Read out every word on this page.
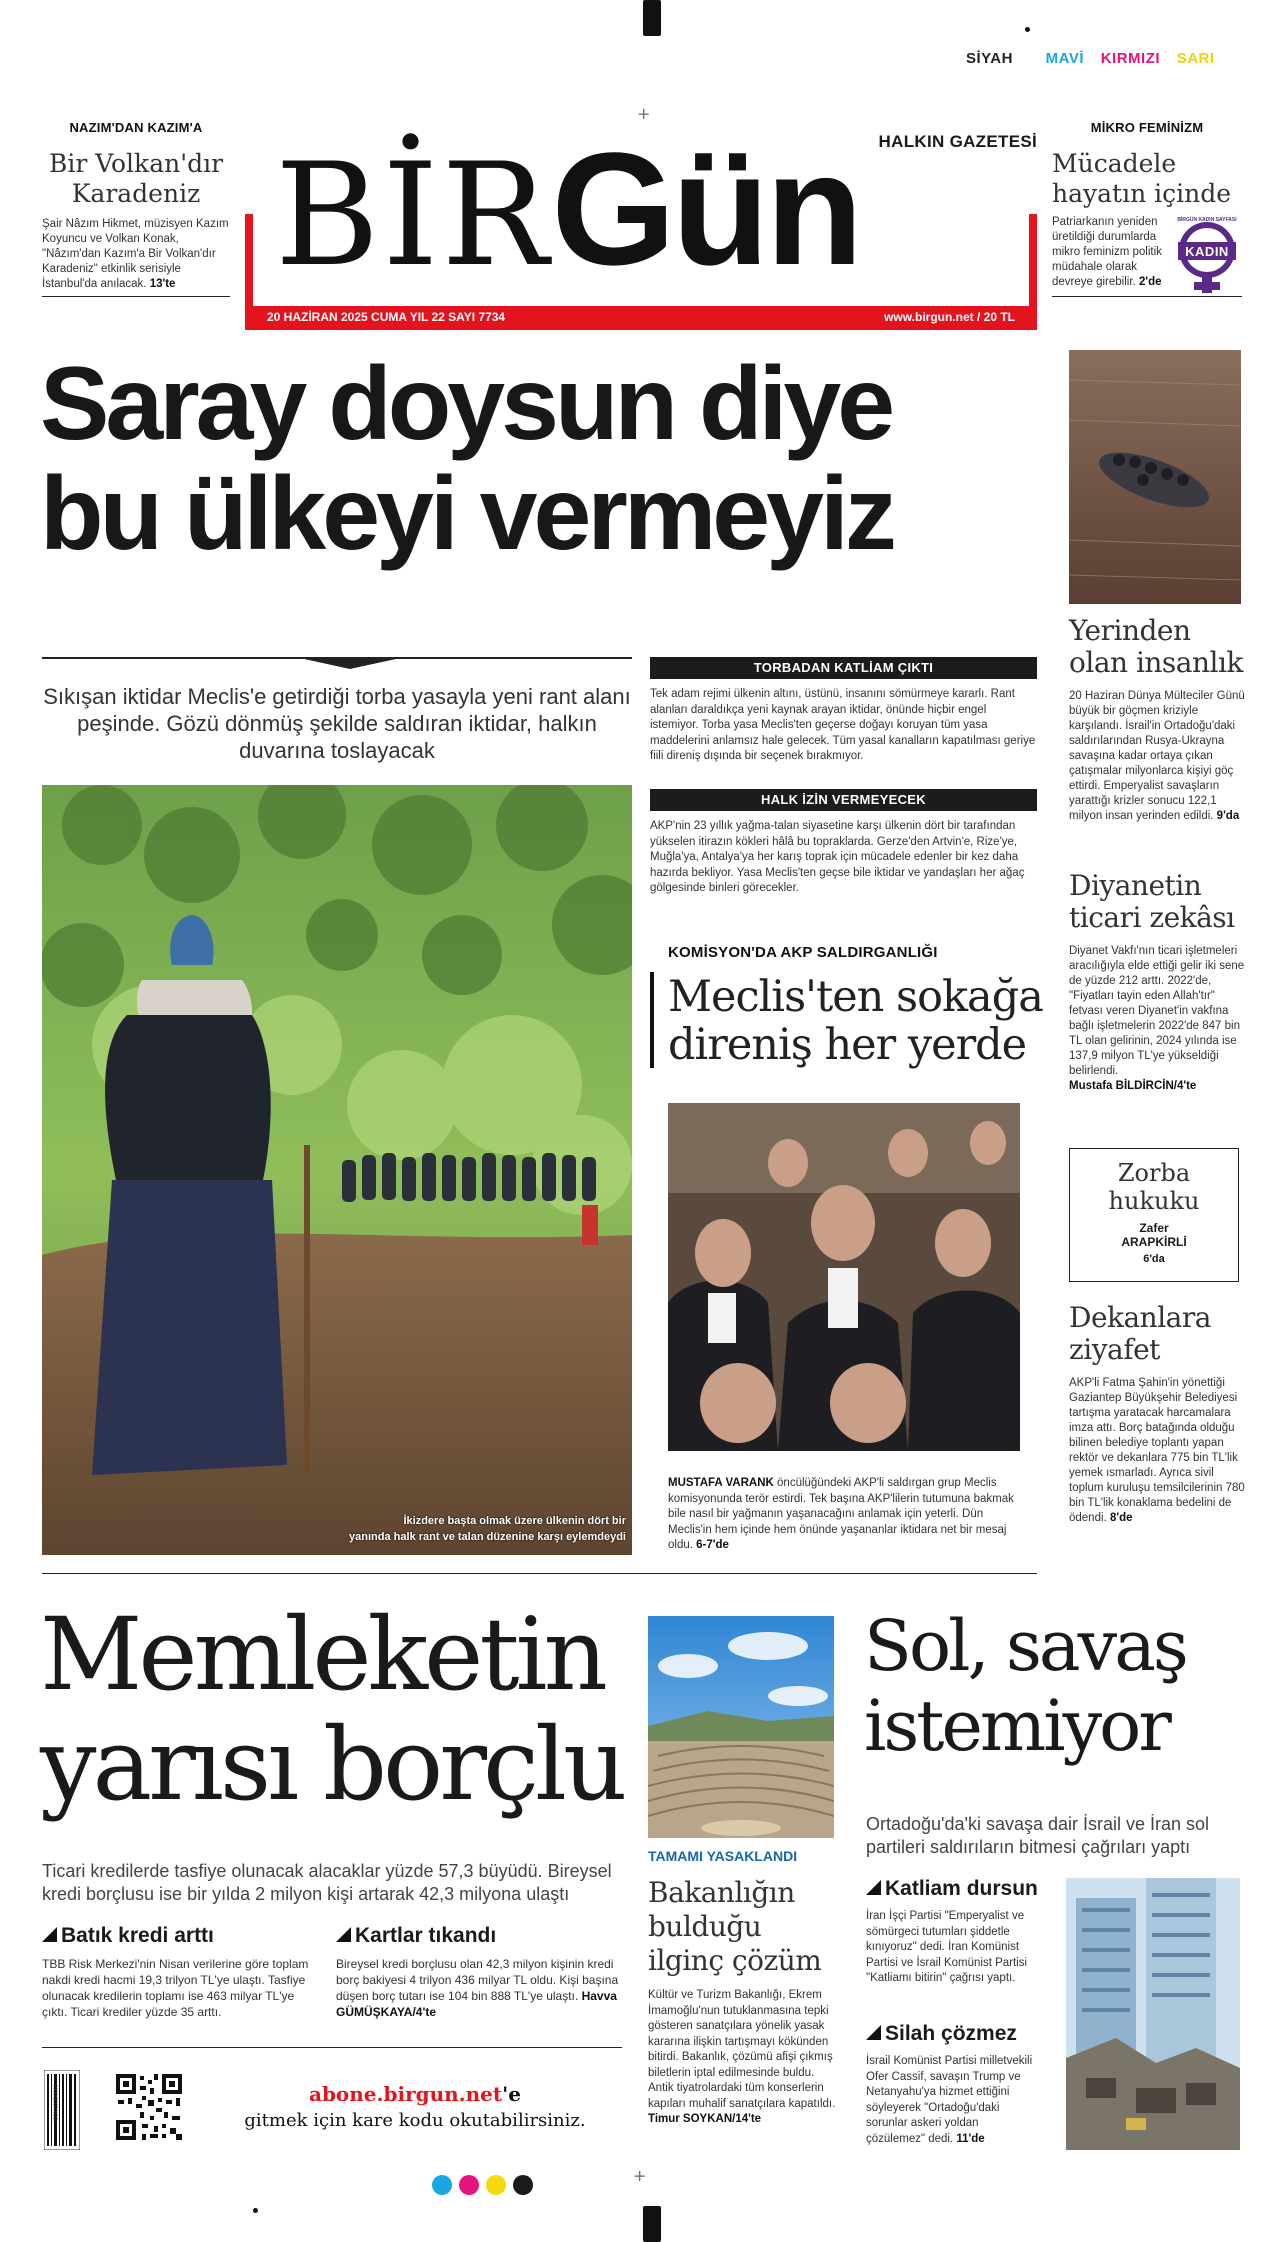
+
+
SİYAH MAVİ KIRMIZI SARI
NAZIM'DAN KAZIM'A
Bir Volkan'dır Karadeniz
Şair Nâzım Hikmet, müzisyen Kazım Koyuncu ve Volkan Konak, "Nâzım'dan Kazım'a Bir Volkan'dır Karadeniz" etkinlik serisiyle İstanbul'da anılacak. 13'te BİRGün HALKIN GAZETESİ
20 HAZİRAN 2025 CUMA YIL 22 SAYI 7734	www.birgun.net / 20 TL
MİKRO FEMİNİZM
Mücadele hayatın içinde
Patriarkanın yeniden üretildiği durumlarda mikro feminizm politik müdahale olarak devreye girebilir. 2'de
KADIN
BİRGÜN KADIN SAYFASI
Saray doysun diye
bu ülkeyi vermeyiz
Sıkışan iktidar Meclis'e getirdiği torba yasayla yeni rant alanı peşinde. Gözü dönmüş şekilde saldıran iktidar, halkın duvarına toslayacak
İkizdere başta olmak üzere ülkenin dört bir
yanında halk rant ve talan düzenine karşı eylemdeydi
TORBADAN KATLİAM ÇIKTI
Tek adam rejimi ülkenin altını, üstünü, insanını sömürmeye kararlı. Rant alanları daraldıkça yeni kaynak arayan iktidar, önünde hiçbir engel istemiyor. Torba yasa Meclis'ten geçerse doğayı koruyan tüm yasa maddelerini anlamsız hale gelecek. Tüm yasal kanalların kapatılması geriye fiili direniş dışında bir seçenek bırakmıyor.
HALK İZİN VERMEYECEK
AKP'nin 23 yıllık yağma-talan siyasetine karşı ülkenin dört bir tarafından yükselen itirazın kökleri hâlâ bu topraklarda. Gerze'den Artvin'e, Rize'ye, Muğla'ya, Antalya'ya her karış toprak için mücadele edenler bir kez daha hazırda bekliyor. Yasa Meclis'ten geçse bile iktidar ve yandaşları her ağaç gölgesinde binleri görecekler.
KOMİSYON'DA AKP SALDIRGANLIĞI
Meclis'ten sokağa
direniş her yerde
MUSTAFA VARANK öncülüğündeki AKP'li saldırgan grup Meclis komisyonunda terör estirdi. Tek başına AKP'lilerin tutumuna bakmak bile nasıl bir yağmanın yaşanacağını anlamak için yeterli. Dün Meclis'in hem içinde hem önünde yaşananlar iktidara net bir mesaj oldu. 6-7'de
Yerinden olan insanlık
20 Haziran Dünya Mülteciler Günü büyük bir göçmen kriziyle karşılandı. İsrail'in Ortadoğu'daki saldırılarından Rusya-Ukrayna savaşına kadar ortaya çıkan çatışmalar milyonlarca kişiyi göç ettirdi. Emperyalist savaşların yarattığı krizler sonucu 122,1 milyon insan yerinden edildi. 9'da
Diyanetin ticari zekâsı
Diyanet Vakfı'nın ticari işletmeleri aracılığıyla elde ettiği gelir iki sene de yüzde 212 arttı. 2022'de, "Fiyatları tayin eden Allah'tır" fetvası veren Diyanet'in vakfına bağlı işletmelerin 2022'de 847 bin TL olan gelirinin, 2024 yılında ise 137,9 milyon TL'ye yükseldiği belirlendi.
Mustafa BİLDİRCİN/4'te
Zorba hukuku
Zafer
ARAPKİRLİ
6'da
Dekanlara ziyafet
AKP'li Fatma Şahin'in yönettiği Gaziantep Büyükşehir Belediyesi tartışma yaratacak harcamalara imza attı. Borç batağında olduğu bilinen belediye toplantı yapan rektör ve dekanlara 775 bin TL'lik yemek ısmarladı. Ayrıca sivil toplum kuruluşu temsilcilerinin 780 bin TL'lik konaklama bedelini de ödendi. 8'de
Memleketin
yarısı borçlu
Ticari kredilerde tasfiye olunacak alacaklar yüzde 57,3 büyüdü. Bireysel kredi borçlusu ise bir yılda 2 milyon kişi artarak 42,3 milyona ulaştı
Batık kredi arttı
TBB Risk Merkezi'nin Nisan verilerine göre toplam nakdi kredi hacmi 19,3 trilyon TL'ye ulaştı. Tasfiye olunacak kredilerin toplamı ise 463 milyar TL'ye çıktı. Ticari krediler yüzde 35 arttı.
Kartlar tıkandı
Bireysel kredi borçlusu olan 42,3 milyon kişinin kredi borç bakiyesi 4 trilyon 436 milyar TL oldu. Kişi başına düşen borç tutarı ise 104 bin 888 TL'ye ulaştı. Havva GÜMÜŞKAYA/4'te
ISSN 1305-9068	abone.birgun.net'e
gitmek için kare kodu okutabilirsiniz.
TAMAMI YASAKLANDI
Bakanlığın bulduğu ilginç çözüm
Kültür ve Turizm Bakanlığı, Ekrem İmamoğlu'nun tutuklanmasına tepki gösteren sanatçılara yönelik yasak kararına ilişkin tartışmayı kökünden bitirdi. Bakanlık, çözümü afişi çıkmış biletlerin iptal edilmesinde buldu. Antik tiyatrolardaki tüm konserlerin kapıları muhalif sanatçılara kapatıldı. Timur SOYKAN/14'te
Sol, savaş
istemiyor
Ortadoğu'da'ki savaşa dair İsrail ve İran sol partileri saldırıların bitmesi çağrıları yaptı
Katliam dursun
İran İşçi Partisi "Emperyalist ve sömürgeci tutumları şiddetle kınıyoruz" dedi. İran Komünist Partisi ve İsrail Komünist Partisi "Katliamı bitirin" çağrısı yaptı.
Silah çözmez
İsrail Komünist Partisi milletvekili Ofer Cassif, savaşın Trump ve Netanyahu'ya hizmet ettiğini söyleyerek "Ortadoğu'daki sorunlar askeri yoldan çözülemez" dedi. 11'de
